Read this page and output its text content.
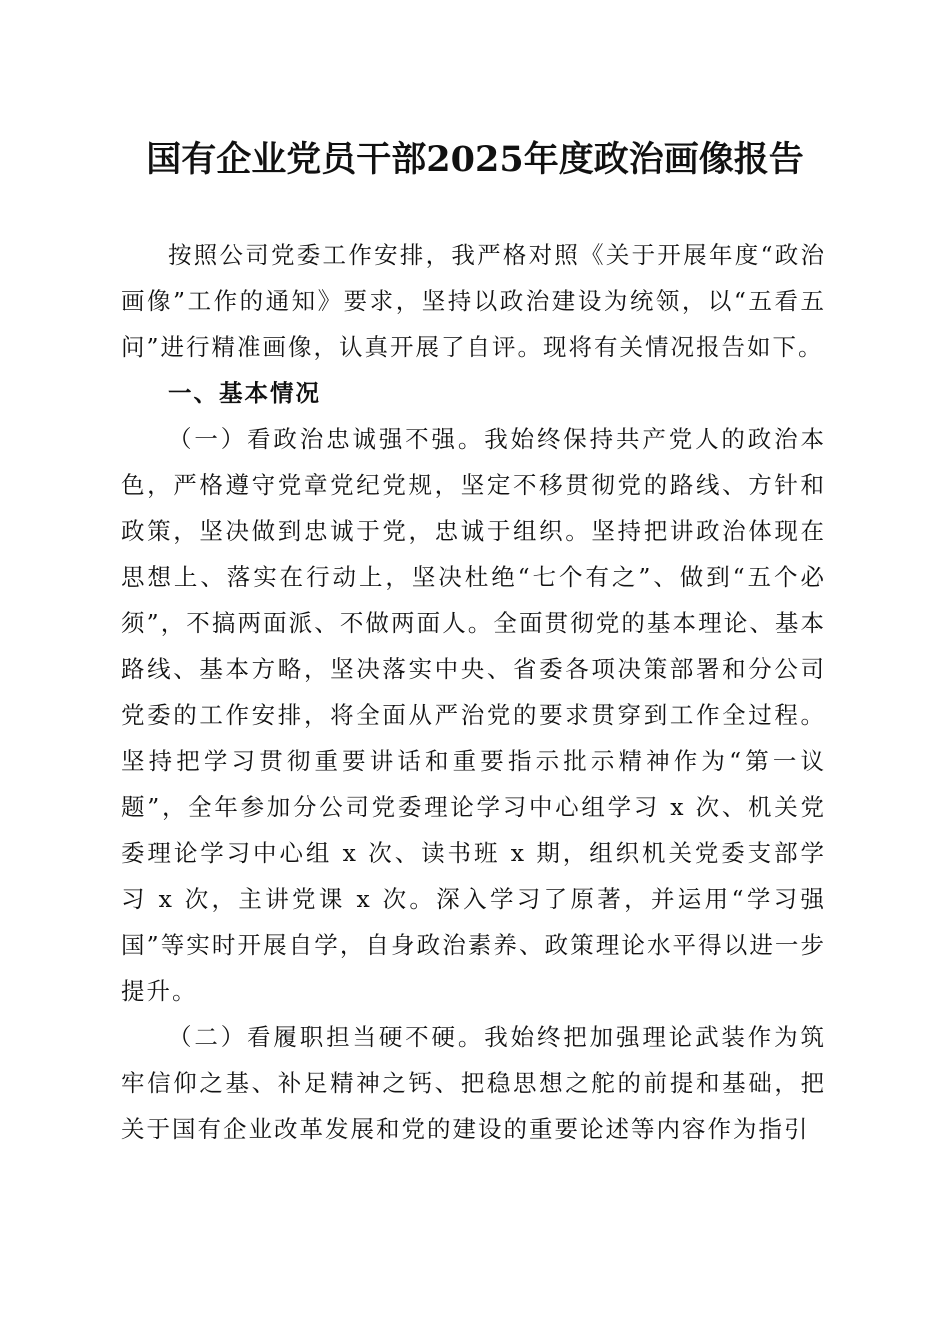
国有企业党员干部2025年度政治画像报告

按照公司党委工作安排，我严格对照《关于开展年度“政治画像”工作的通知》要求，坚持以政治建设为统领，以“五看五问”进行精准画像，认真开展了自评。现将有关情况报告如下。

一、基本情况

（一）看政治忠诚强不强。我始终保持共产党人的政治本色，严格遵守党章党纪党规，坚定不移贯彻党的路线、方针和政策，坚决做到忠诚于党，忠诚于组织。坚持把讲政治体现在思想上、落实在行动上，坚决杜绝“七个有之”、做到“五个必须”，不搞两面派、不做两面人。全面贯彻党的基本理论、基本路线、基本方略，坚决落实中央、省委各项决策部署和分公司党委的工作安排，将全面从严治党的要求贯穿到工作全过程。坚持把学习贯彻重要讲话和重要指示批示精神作为“第一议题”，全年参加分公司党委理论学习中心组学习 x 次、机关党委理论学习中心组 x 次、读书班 x 期，组织机关党委支部学习 x 次，主讲党课 x 次。深入学习了原著，并运用“学习强国”等实时开展自学，自身政治素养、政策理论水平得以进一步提升。

（二）看履职担当硬不硬。我始终把加强理论武装作为筑牢信仰之基、补足精神之钙、把稳思想之舵的前提和基础，把关于国有企业改革发展和党的建设的重要论述等内容作为指引
